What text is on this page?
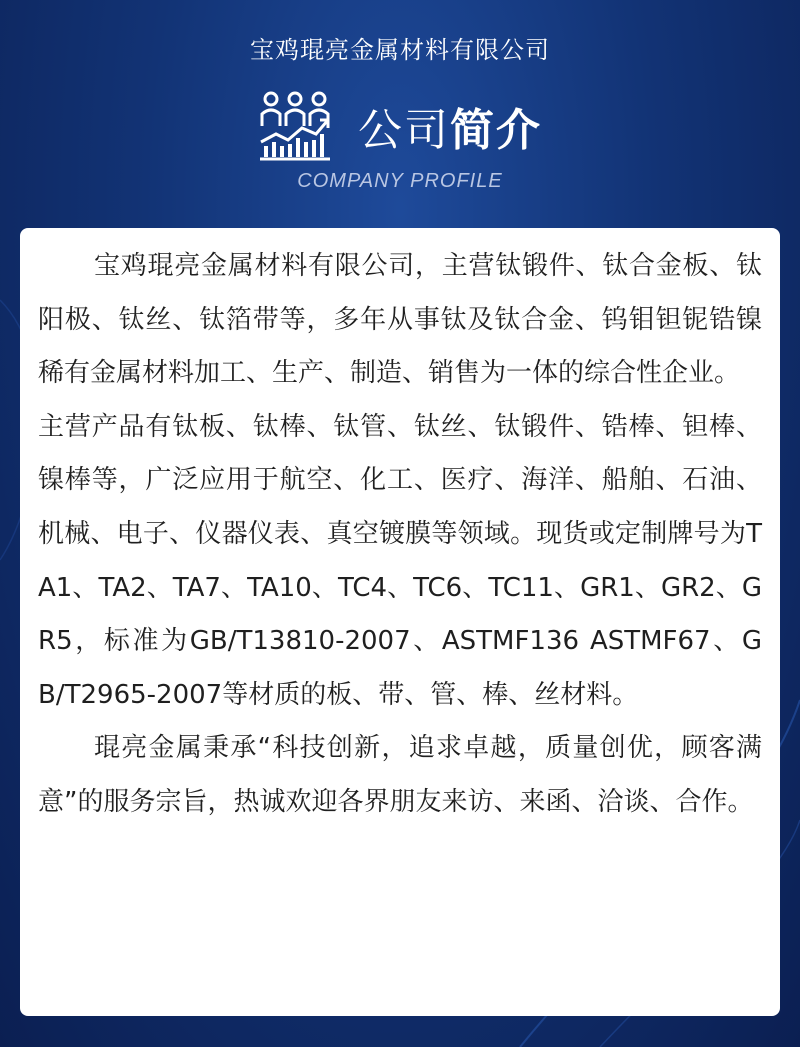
宝鸡琨亮金属材料有限公司
公司 简介
COMPANY PROFILE

宝鸡琨亮金属材料有限公司，主营钛锻件、钛合金板、钛阳极、钛丝、钛箔带等，多年从事钛及钛合金、钨钼钽铌锆镍稀有金属材料加工、生产、制造、销售为一体的综合性企业。

主营产品有钛板、钛棒、钛管、钛丝、钛锻件、锆棒、钽棒、镍棒等，广泛应用于航空、化工、医疗、海洋、船舶、石油、机械、电子、仪器仪表、真空镀膜等领域。现货或定制牌号为TA1、TA2、TA7、TA10、TC4、TC6、TC11、GR1、GR2、GR5，标准为GB/T13810-2007、ASTMF136 ASTMF67、GB/T2965-2007等材质的板、带、管、棒、丝材料。

琨亮金属秉承“科技创新，追求卓越，质量创优，顾客满意”的服务宗旨，热诚欢迎各界朋友来访、来函、洽谈、合作。
